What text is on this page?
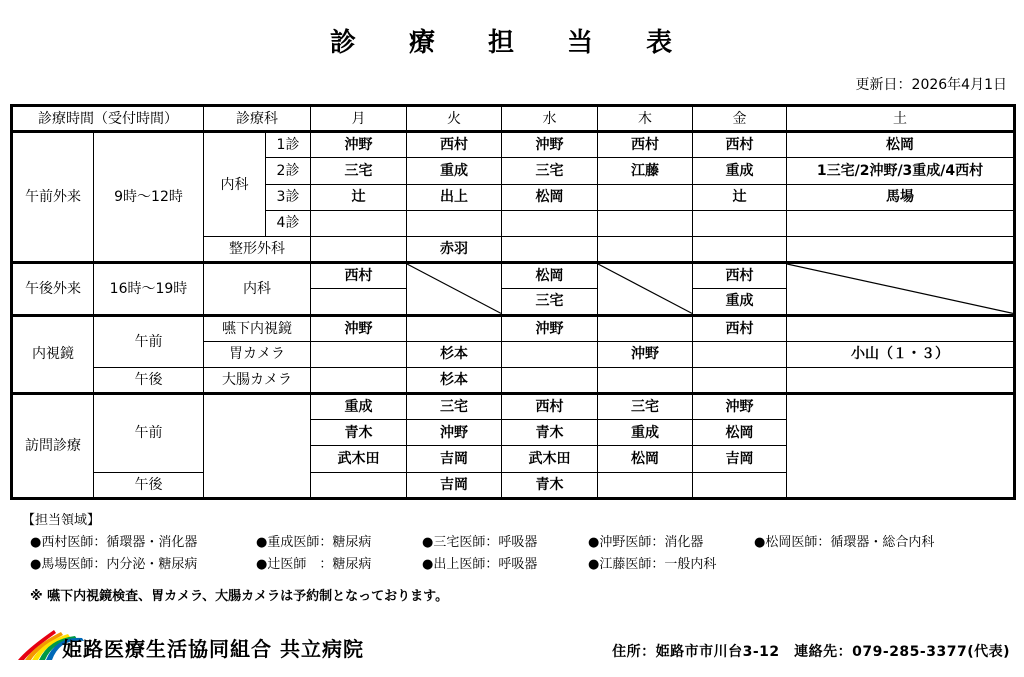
診 療 担 当 表
更新日：2026年4月1日
診療時間（受付時間）		診療科		月	火	水	木	金	土
午前外来	9時～12時	内科	1診	沖野	西村	沖野	西村	西村	松岡
			2診	三宅	重成	三宅	江藤	重成	1三宅/2沖野/3重成/4西村
			3診	辻	出上	松岡		辻	馬場
			4診						
		整形外科			赤羽				
午後外来	16時～19時	内科		西村		松岡		西村	

						三宅		重成	
内視鏡	午前	嚥下内視鏡		沖野		沖野		西村	
		胃カメラ			杉本		沖野		小山（１・３）
	午後	大腸カメラ			杉本				
訪問診療	午前			重成	三宅	西村	三宅	沖野	
				青木	沖野	青木	重成	松岡	
				武木田	吉岡	武木田	松岡	吉岡	
	午後				吉岡	青木			
【担当領域】
●西村医師：循環器・消化器	●重成医師：糖尿病	●三宅医師：呼吸器	●沖野医師：消化器	●松岡医師：循環器・総合内科
●馬場医師：内分泌・糖尿病	●辻医師　：糖尿病	●出上医師：呼吸器	●江藤医師：一般内科
※ 嚥下内視鏡検査、胃カメラ、大腸カメラは予約制となっております。
姫路医療生活協同組合 共立病院	住所：姫路市市川台3-12　連絡先：079-285-3377(代表)
